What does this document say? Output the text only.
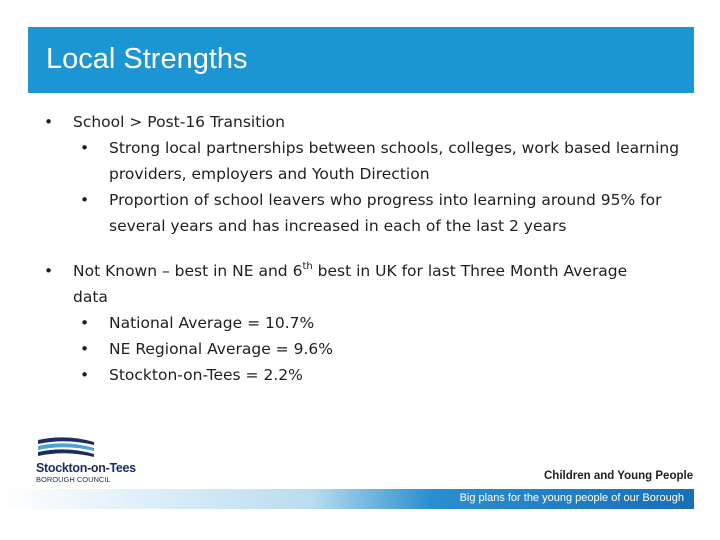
Local Strengths
• School > Post-16 Transition
• Strong local partnerships between schools, colleges, work based learning providers, employers and Youth Direction
• Proportion of school leavers who progress into learning around 95% for several years and has increased in each of the last 2 years
• Not Known – best in NE and 6th best in UK for last Three Month Average
data
• National Average = 10.7%
• NE Regional Average = 9.6%
• Stockton-on-Tees = 2.2%
Stockton-on-Tees
BOROUGH COUNCIL	Children and Young People
Big plans for the young people of our Borough
